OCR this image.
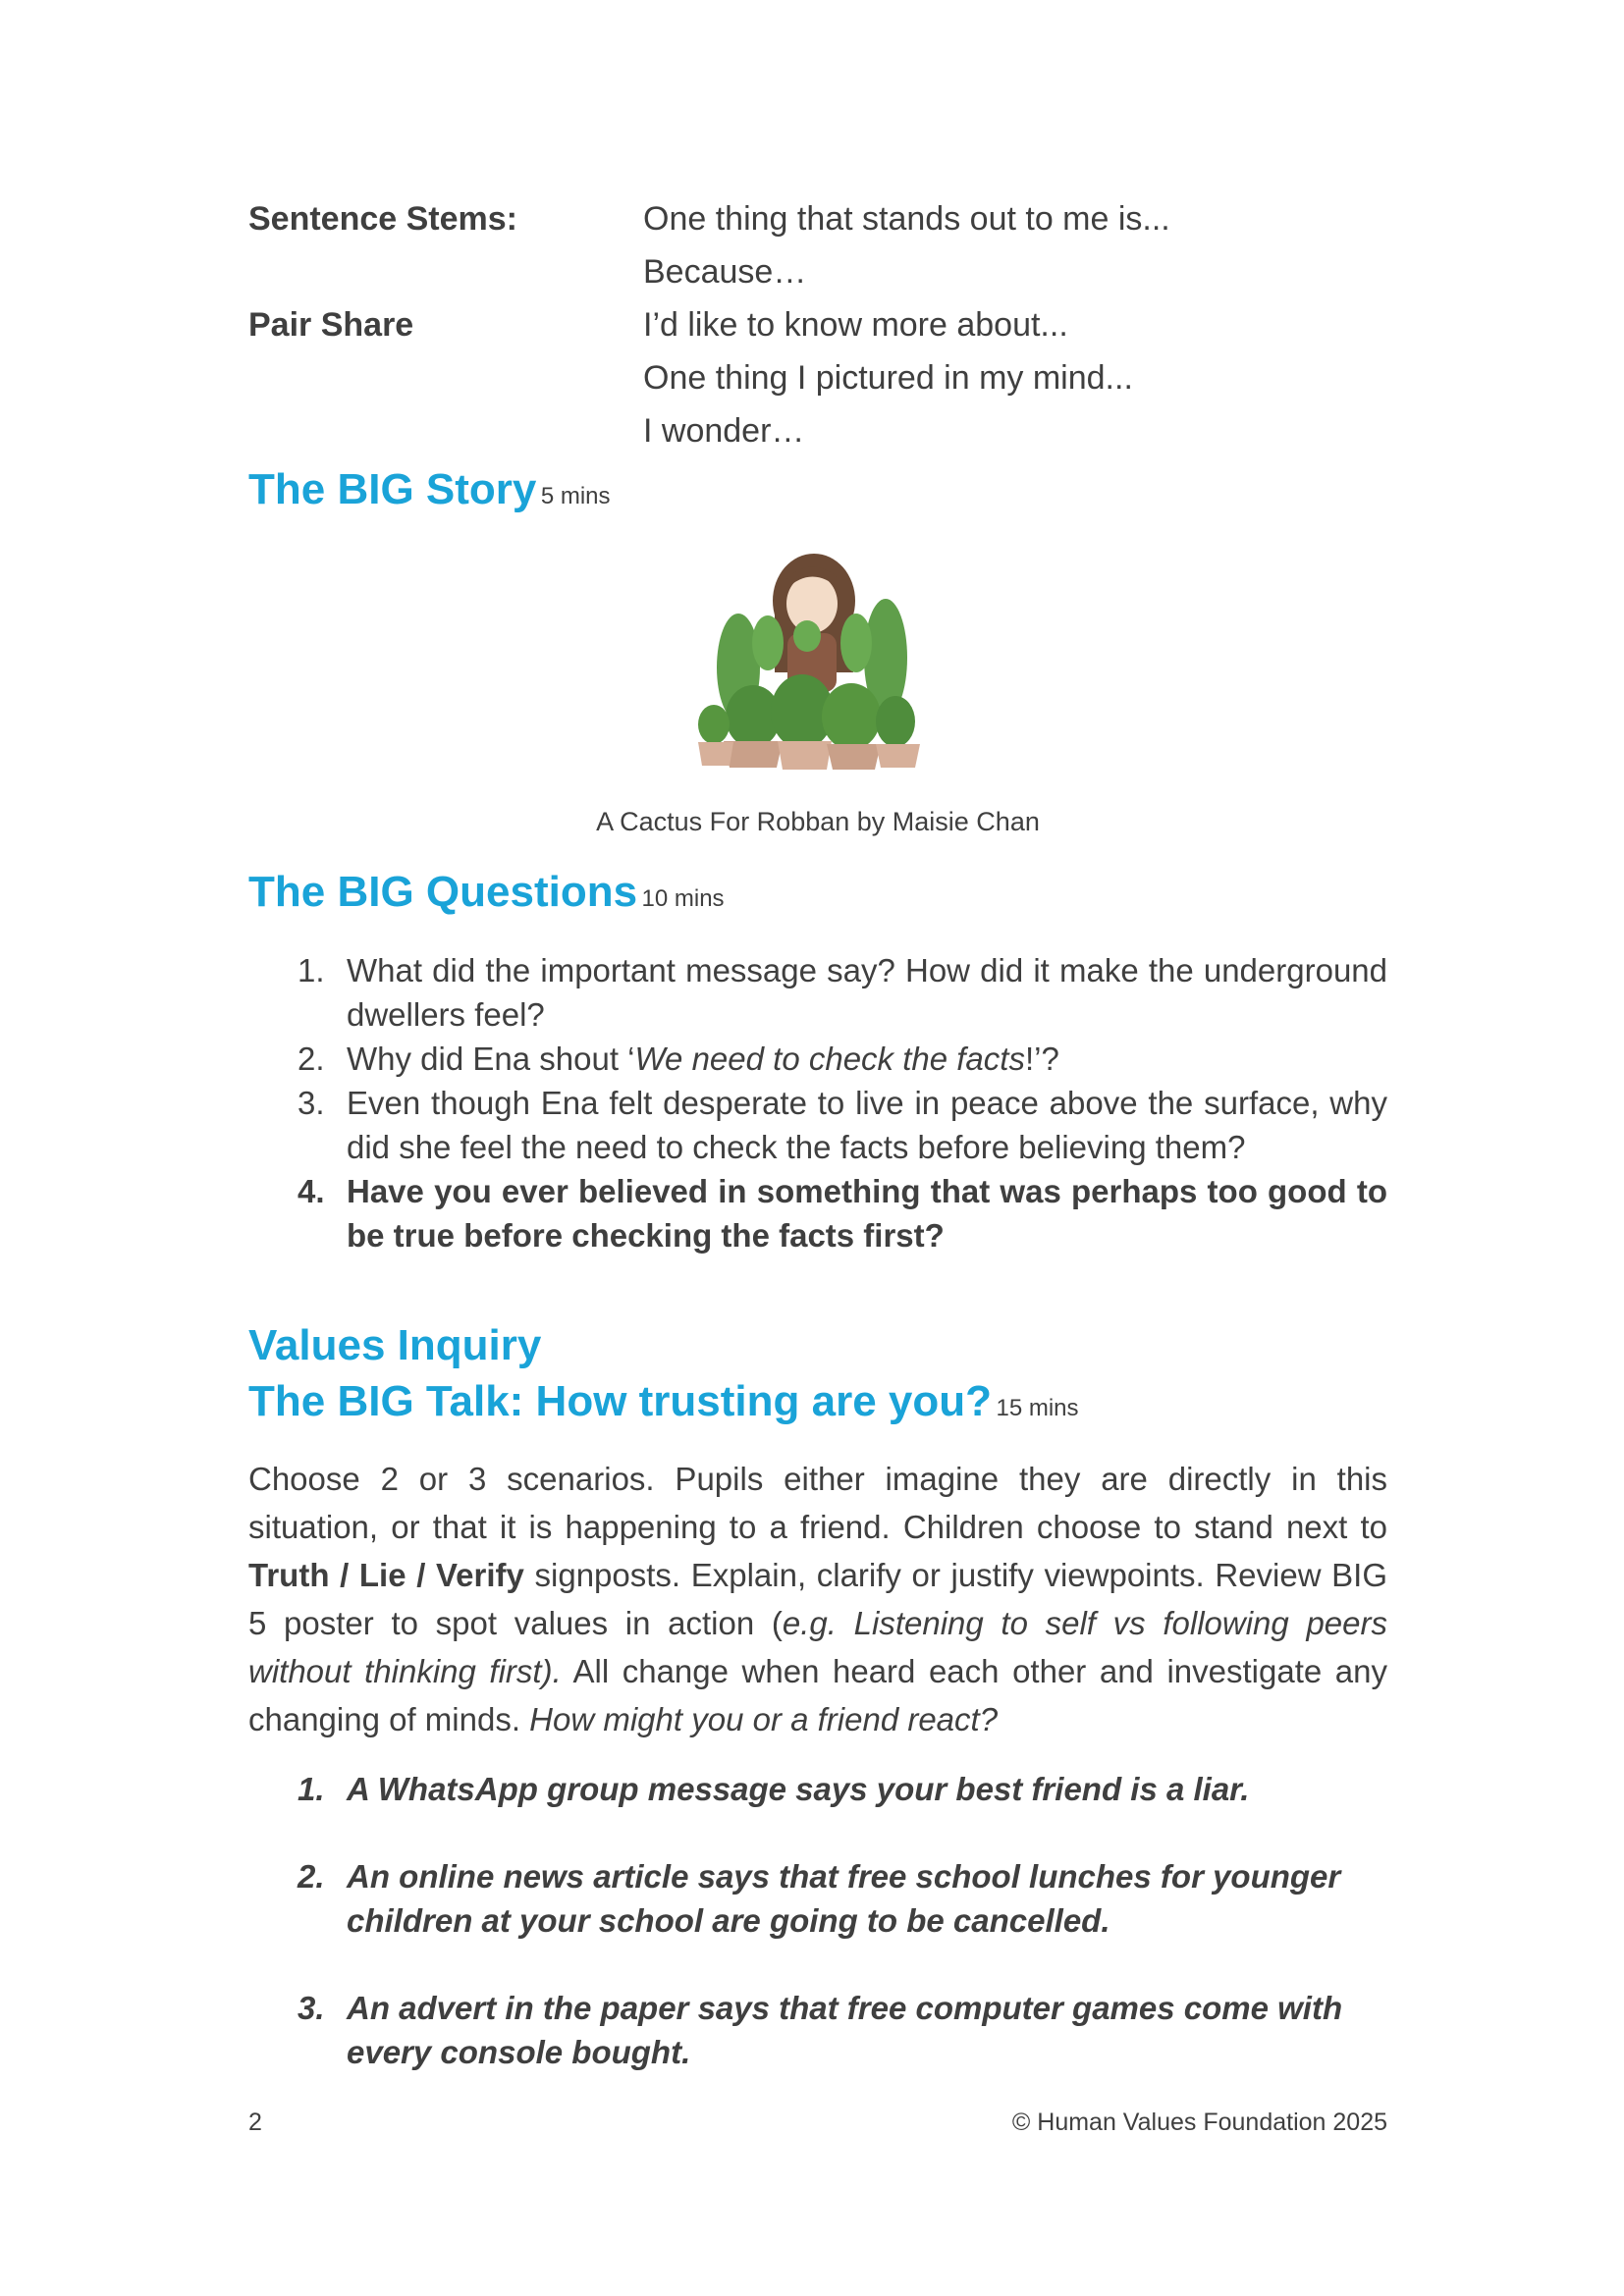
Sentence Stems:	One thing that stands out to me is...
Because…
Pair Share	I’d like to know more about...
One thing I pictured in my mind...
I wonder…
The BIG Story 5 mins
A Cactus For Robban by Maisie Chan
The BIG Questions 10 mins
1. What did the important message say? How did it make the underground dwellers feel?
2. Why did Ena shout ‘We need to check the facts!’?
3. Even though Ena felt desperate to live in peace above the surface, why did she feel the need to check the facts before believing them?
4. Have you ever believed in something that was perhaps too good to be true before checking the facts first?
Values Inquiry
The BIG Talk: How trusting are you? 15 mins
Choose 2 or 3 scenarios. Pupils either imagine they are directly in this situation, or that it is happening to a friend. Children choose to stand next to Truth / Lie / Verify signposts. Explain, clarify or justify viewpoints. Review BIG 5 poster to spot values in action (e.g. Listening to self vs following peers without thinking first). All change when heard each other and investigate any changing of minds. How might you or a friend react?
1. A WhatsApp group message says your best friend is a liar.
2. An online news article says that free school lunches for younger children at your school are going to be cancelled.
3. An advert in the paper says that free computer games come with every console bought.
2	© Human Values Foundation 2025
